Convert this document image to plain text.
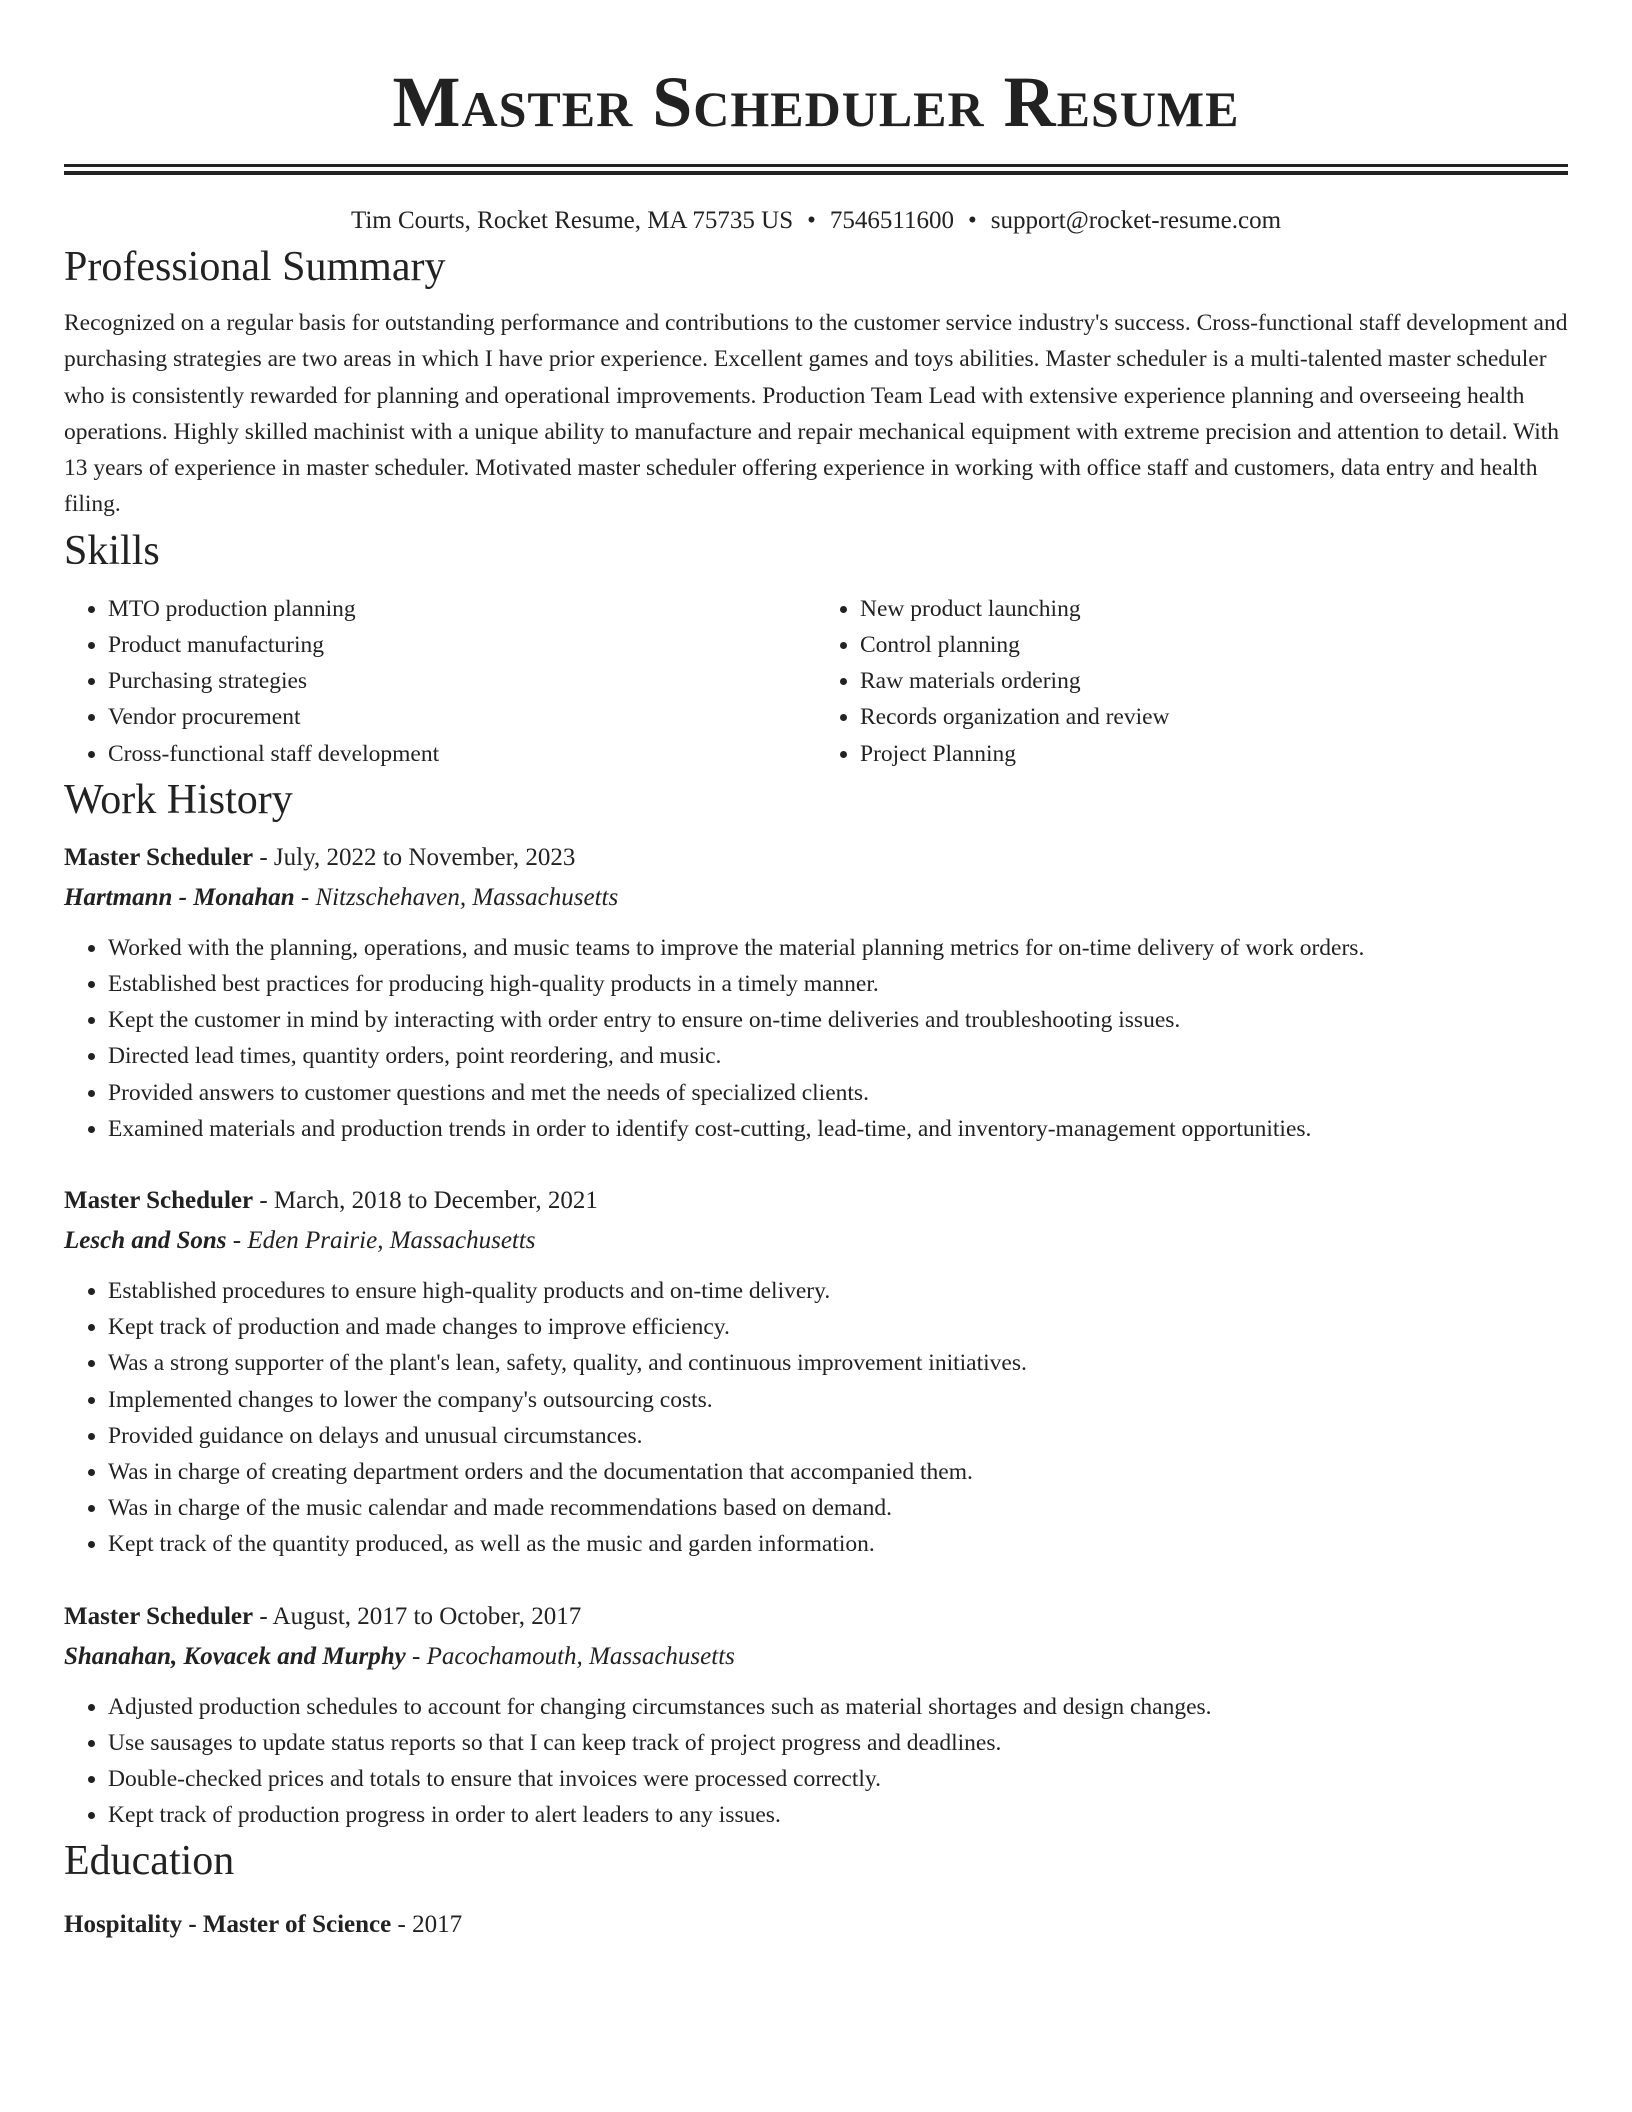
Master Scheduler Resume
Tim Courts, Rocket Resume, MA 75735 US • 7546511600 • support@rocket-resume.com
Professional Summary

Recognized on a regular basis for outstanding performance and contributions to the customer service industry's success. Cross-functional staff development and purchasing strategies are two areas in which I have prior experience. Excellent games and toys abilities. Master scheduler is a multi-talented master scheduler who is consistently rewarded for planning and operational improvements. Production Team Lead with extensive experience planning and overseeing health operations. Highly skilled machinist with a unique ability to manufacture and repair mechanical equipment with extreme precision and attention to detail. With 13 years of experience in master scheduler. Motivated master scheduler offering experience in working with office staff and customers, data entry and health filing.

Skills
• MTO production planning
• Product manufacturing
• Purchasing strategies
• Vendor procurement
• Cross-functional staff development
• New product launching
• Control planning
• Raw materials ordering
• Records organization and review
• Project Planning
Work History
Master Scheduler - July, 2022 to November, 2023
Hartmann - Monahan - Nitzschehaven, Massachusetts
• Worked with the planning, operations, and music teams to improve the material planning metrics for on-time delivery of work orders.
• Established best practices for producing high-quality products in a timely manner.
• Kept the customer in mind by interacting with order entry to ensure on-time deliveries and troubleshooting issues.
• Directed lead times, quantity orders, point reordering, and music.
• Provided answers to customer questions and met the needs of specialized clients.
• Examined materials and production trends in order to identify cost-cutting, lead-time, and inventory-management opportunities.
Master Scheduler - March, 2018 to December, 2021
Lesch and Sons - Eden Prairie, Massachusetts
• Established procedures to ensure high-quality products and on-time delivery.
• Kept track of production and made changes to improve efficiency.
• Was a strong supporter of the plant's lean, safety, quality, and continuous improvement initiatives.
• Implemented changes to lower the company's outsourcing costs.
• Provided guidance on delays and unusual circumstances.
• Was in charge of creating department orders and the documentation that accompanied them.
• Was in charge of the music calendar and made recommendations based on demand.
• Kept track of the quantity produced, as well as the music and garden information.
Master Scheduler - August, 2017 to October, 2017
Shanahan, Kovacek and Murphy - Pacochamouth, Massachusetts
• Adjusted production schedules to account for changing circumstances such as material shortages and design changes.
• Use sausages to update status reports so that I can keep track of project progress and deadlines.
• Double-checked prices and totals to ensure that invoices were processed correctly.
• Kept track of production progress in order to alert leaders to any issues.
Education
Hospitality - Master of Science - 2017
